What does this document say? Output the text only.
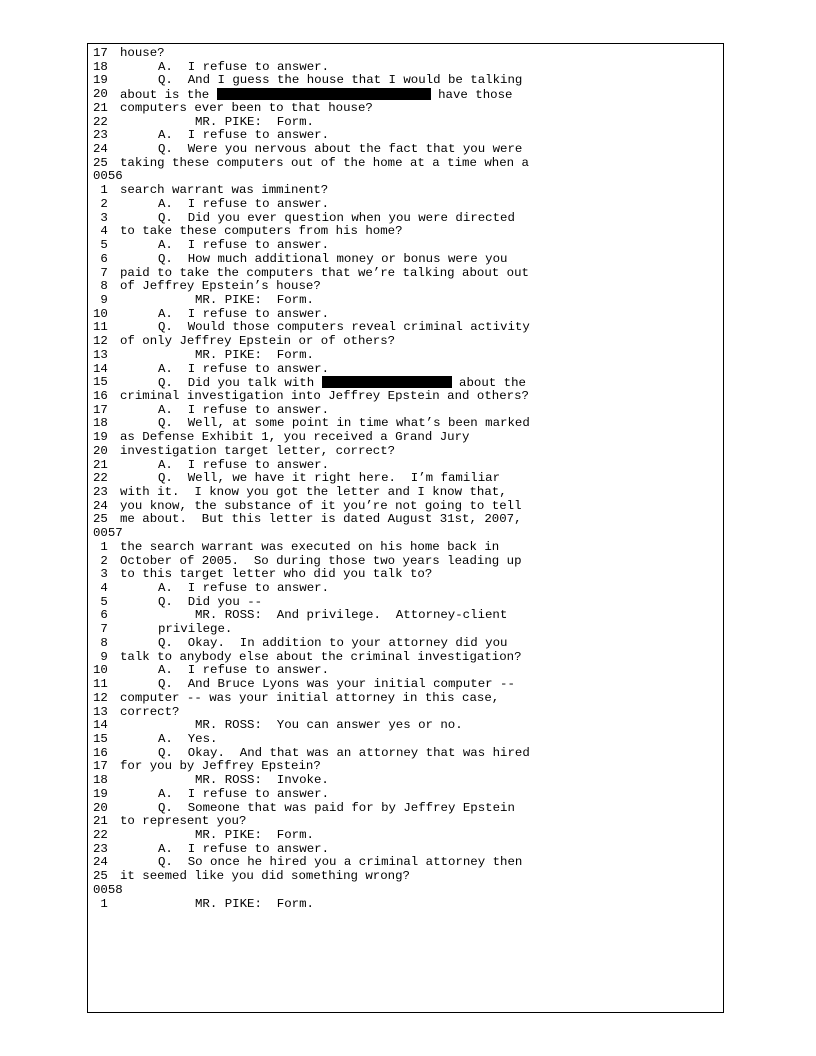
17 house?
18	A.  I refuse to answer.
19	Q.  And I guess the house that I would be talking
20 about is the	have those
21 computers ever been to that house?
22	MR. PIKE:  Form.
23	A.  I refuse to answer.
24	Q.  Were you nervous about the fact that you were
25 taking these computers out of the home at a time when a
0056
1 search warrant was imminent?
2	A.  I refuse to answer.
3	Q.  Did you ever question when you were directed
4 to take these computers from his home?
5	A.  I refuse to answer.
6	Q.  How much additional money or bonus were you
7 paid to take the computers that we’re talking about out
8 of Jeffrey Epstein’s house?
9	MR. PIKE:  Form.
10	A.  I refuse to answer.
11	Q.  Would those computers reveal criminal activity
12 of only Jeffrey Epstein or of others?
13	MR. PIKE:  Form.
14	A.  I refuse to answer.
15	Q.  Did you talk with	about the
16 criminal investigation into Jeffrey Epstein and others?
17	A.  I refuse to answer.
18	Q.  Well, at some point in time what’s been marked
19 as Defense Exhibit 1, you received a Grand Jury
20 investigation target letter, correct?
21	A.  I refuse to answer.
22	Q.  Well, we have it right here.  I’m familiar
23 with it.  I know you got the letter and I know that,
24 you know, the substance of it you’re not going to tell
25 me about.  But this letter is dated August 31st, 2007,
0057
1 the search warrant was executed on his home back in
2 October of 2005.  So during those two years leading up
3 to this target letter who did you talk to?
4	A.  I refuse to answer.
5	Q.  Did you --
6	MR. ROSS:  And privilege.  Attorney-client
7	privilege.
8	Q.  Okay.  In addition to your attorney did you
9 talk to anybody else about the criminal investigation?
10	A.  I refuse to answer.
11	Q.  And Bruce Lyons was your initial computer --
12 computer -- was your initial attorney in this case,
13 correct?
14	MR. ROSS:  You can answer yes or no.
15	A.  Yes.
16	Q.  Okay.  And that was an attorney that was hired
17 for you by Jeffrey Epstein?
18	MR. ROSS:  Invoke.
19	A.  I refuse to answer.
20	Q.  Someone that was paid for by Jeffrey Epstein
21 to represent you?
22	MR. PIKE:  Form.
23	A.  I refuse to answer.
24	Q.  So once he hired you a criminal attorney then
25 it seemed like you did something wrong?
0058
1	MR. PIKE:  Form.
